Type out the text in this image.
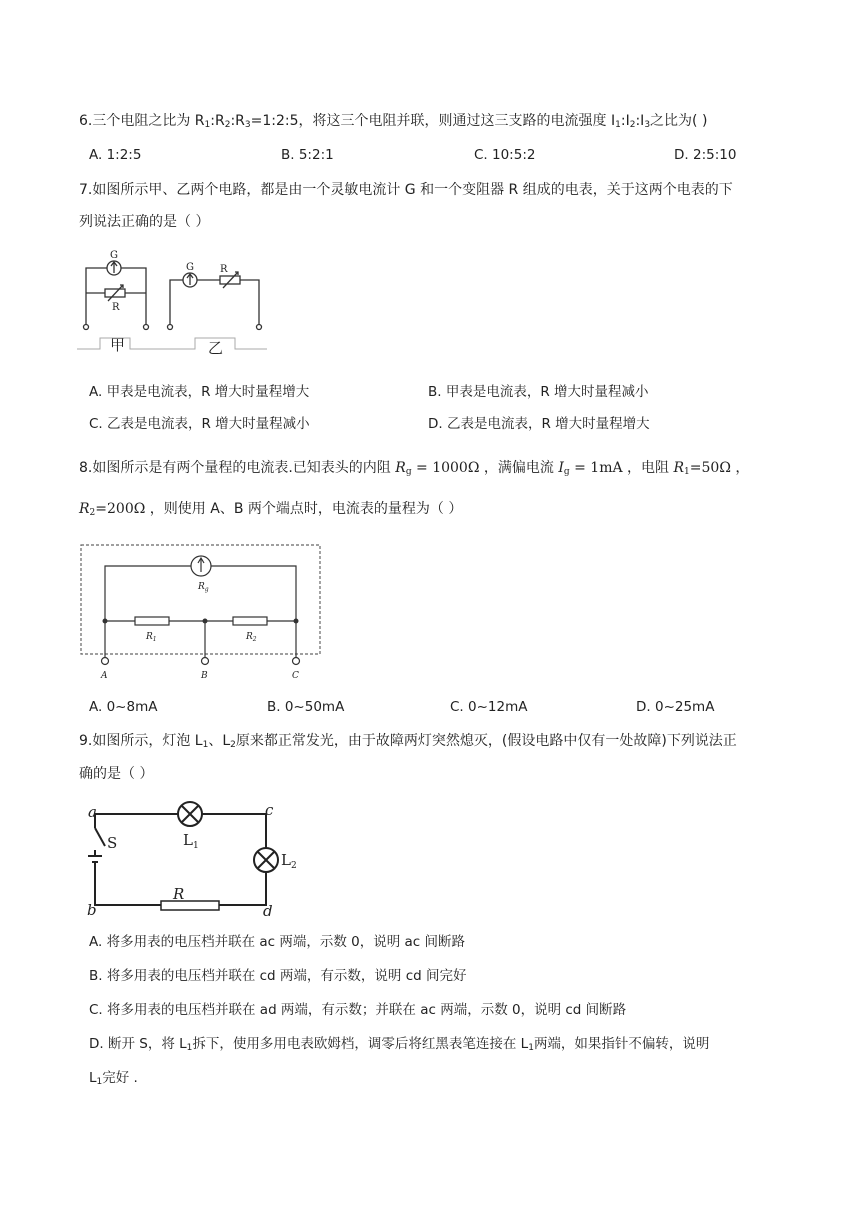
6.三个电阻之比为 $R_1:R_2:R_3=1:2:5$，将这三个电阻并联，则通过这三支路的电流强度 $I_1:I_2:I_3$之比为( )
A. 1:2:5	B. 5:2:1	C. 10:5:2	D. 2:5:10
7.如图所示甲、乙两个电路，都是由一个灵敏电流计 G 和一个变阻器 R 组成的电表，关于这两个电表的下
列说法正确的是（ ）
G
R
G	R
甲	乙
A. 甲表是电流表，R 增大时量程增大	B. 甲表是电流表，R 增大时量程减小
C. 乙表是电流表，R 增大时量程减小	D. 乙表是电流表，R 增大时量程增大
8.如图所示是有两个量程的电流表.已知表头的内阻 $R_g = 1000\Omega$ ，满偏电流 $I_g = 1mA$ ，电阻 $R_1=50\Omega$ ，
$R_2=200\Omega$ ，则使用 A、B 两个端点时，电流表的量程为（ ）
$R_g$
$R_1$	$R_2$
A	B	C
A. 0~8mA	B. 0~50mA	C. 0~12mA	D. 0~25mA
9.如图所示，灯泡 $L_1$、$L_2$原来都正常发光，由于故障两灯突然熄灭，(假设电路中仅有一处故障)下列说法正
确的是（ ）
a
b
c
d
R
S	$L_1$
$L_2$
A. 将多用表的电压档并联在 ac 两端，示数 0，说明 ac 间断路
B. 将多用表的电压档并联在 cd 两端，有示数，说明 cd 间完好
C. 将多用表的电压档并联在 ad 两端，有示数；并联在 ac 两端，示数 0，说明 cd 间断路
D. 断开 S，将 $L_1$拆下，使用多用电表欧姆档，调零后将红黑表笔连接在 $L_1$两端，如果指针不偏转，说明
$L_1$完好 .
